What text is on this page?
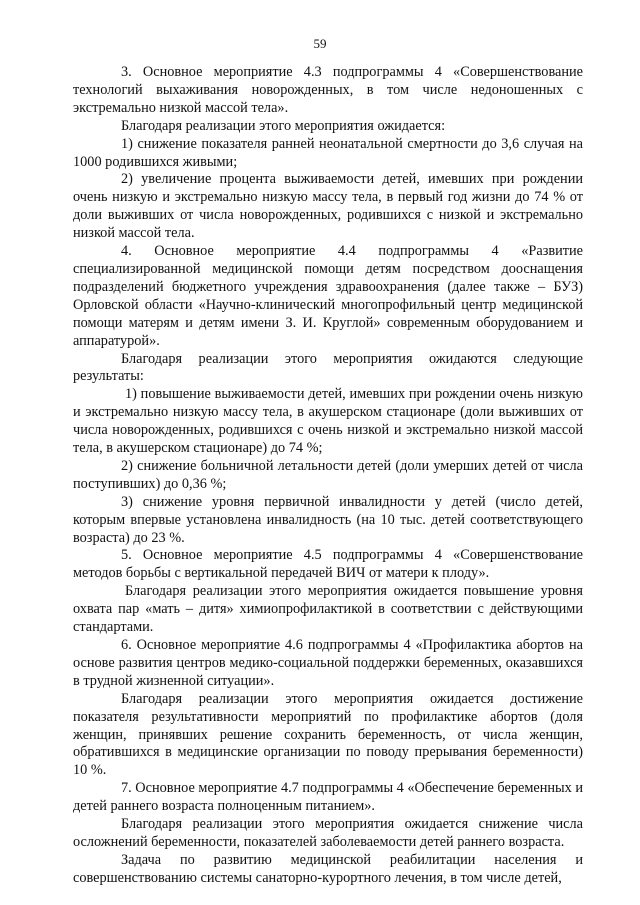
59

3. Основное мероприятие 4.3 подпрограммы 4 «Совершенствование технологий выхаживания новорожденных, в том числе недоношенных с экстремально низкой массой тела».

Благодаря реализации этого мероприятия ожидается:

1) снижение показателя ранней неонатальной смертности до 3,6 случая на 1000 родившихся живыми;

2) увеличение процента выживаемости детей, имевших при рождении очень низкую и экстремально низкую массу тела, в первый год жизни до 74 % от доли выживших от числа новорожденных, родившихся с низкой и экстремально низкой массой тела.

4. Основное мероприятие 4.4 подпрограммы 4 «Развитие специализированной медицинской помощи детям посредством дооснащения подразделений бюджетного учреждения здравоохранения (далее также – БУЗ) Орловской области «Научно-клинический многопрофильный центр медицинской помощи матерям и детям имени З. И. Круглой» современным оборудованием и аппаратурой».

Благодаря реализации этого мероприятия ожидаются следующие результаты:

1) повышение выживаемости детей, имевших при рождении очень низкую и экстремально низкую массу тела, в акушерском стационаре (доли выживших от числа новорожденных, родившихся с очень низкой и экстремально низкой массой тела, в акушерском стационаре) до 74 %;

2) снижение больничной летальности детей (доли умерших детей от числа поступивших) до 0,36 %;

3) снижение уровня первичной инвалидности у детей (число детей, которым впервые установлена инвалидность (на 10 тыс. детей соответствующего возраста) до 23 %.

5. Основное мероприятие 4.5 подпрограммы 4 «Совершенствование методов борьбы с вертикальной передачей ВИЧ от матери к плоду».

Благодаря реализации этого мероприятия ожидается повышение уровня охвата пар «мать – дитя» химиопрофилактикой в соответствии с действующими стандартами.

6. Основное мероприятие 4.6 подпрограммы 4 «Профилактика абортов на основе развития центров медико-социальной поддержки беременных, оказавшихся в трудной жизненной ситуации».

Благодаря реализации этого мероприятия ожидается достижение показателя результативности мероприятий по профилактике абортов (доля женщин, принявших решение сохранить беременность, от числа женщин, обратившихся в медицинские организации по поводу прерывания беременности) 10 %.

7. Основное мероприятие 4.7 подпрограммы 4 «Обеспечение беременных и детей раннего возраста полноценным питанием».

Благодаря реализации этого мероприятия ожидается снижение числа осложнений беременности, показателей заболеваемости детей раннего возраста.

Задача по развитию медицинской реабилитации населения и совершенствованию системы санаторно-курортного лечения, в том числе детей,
